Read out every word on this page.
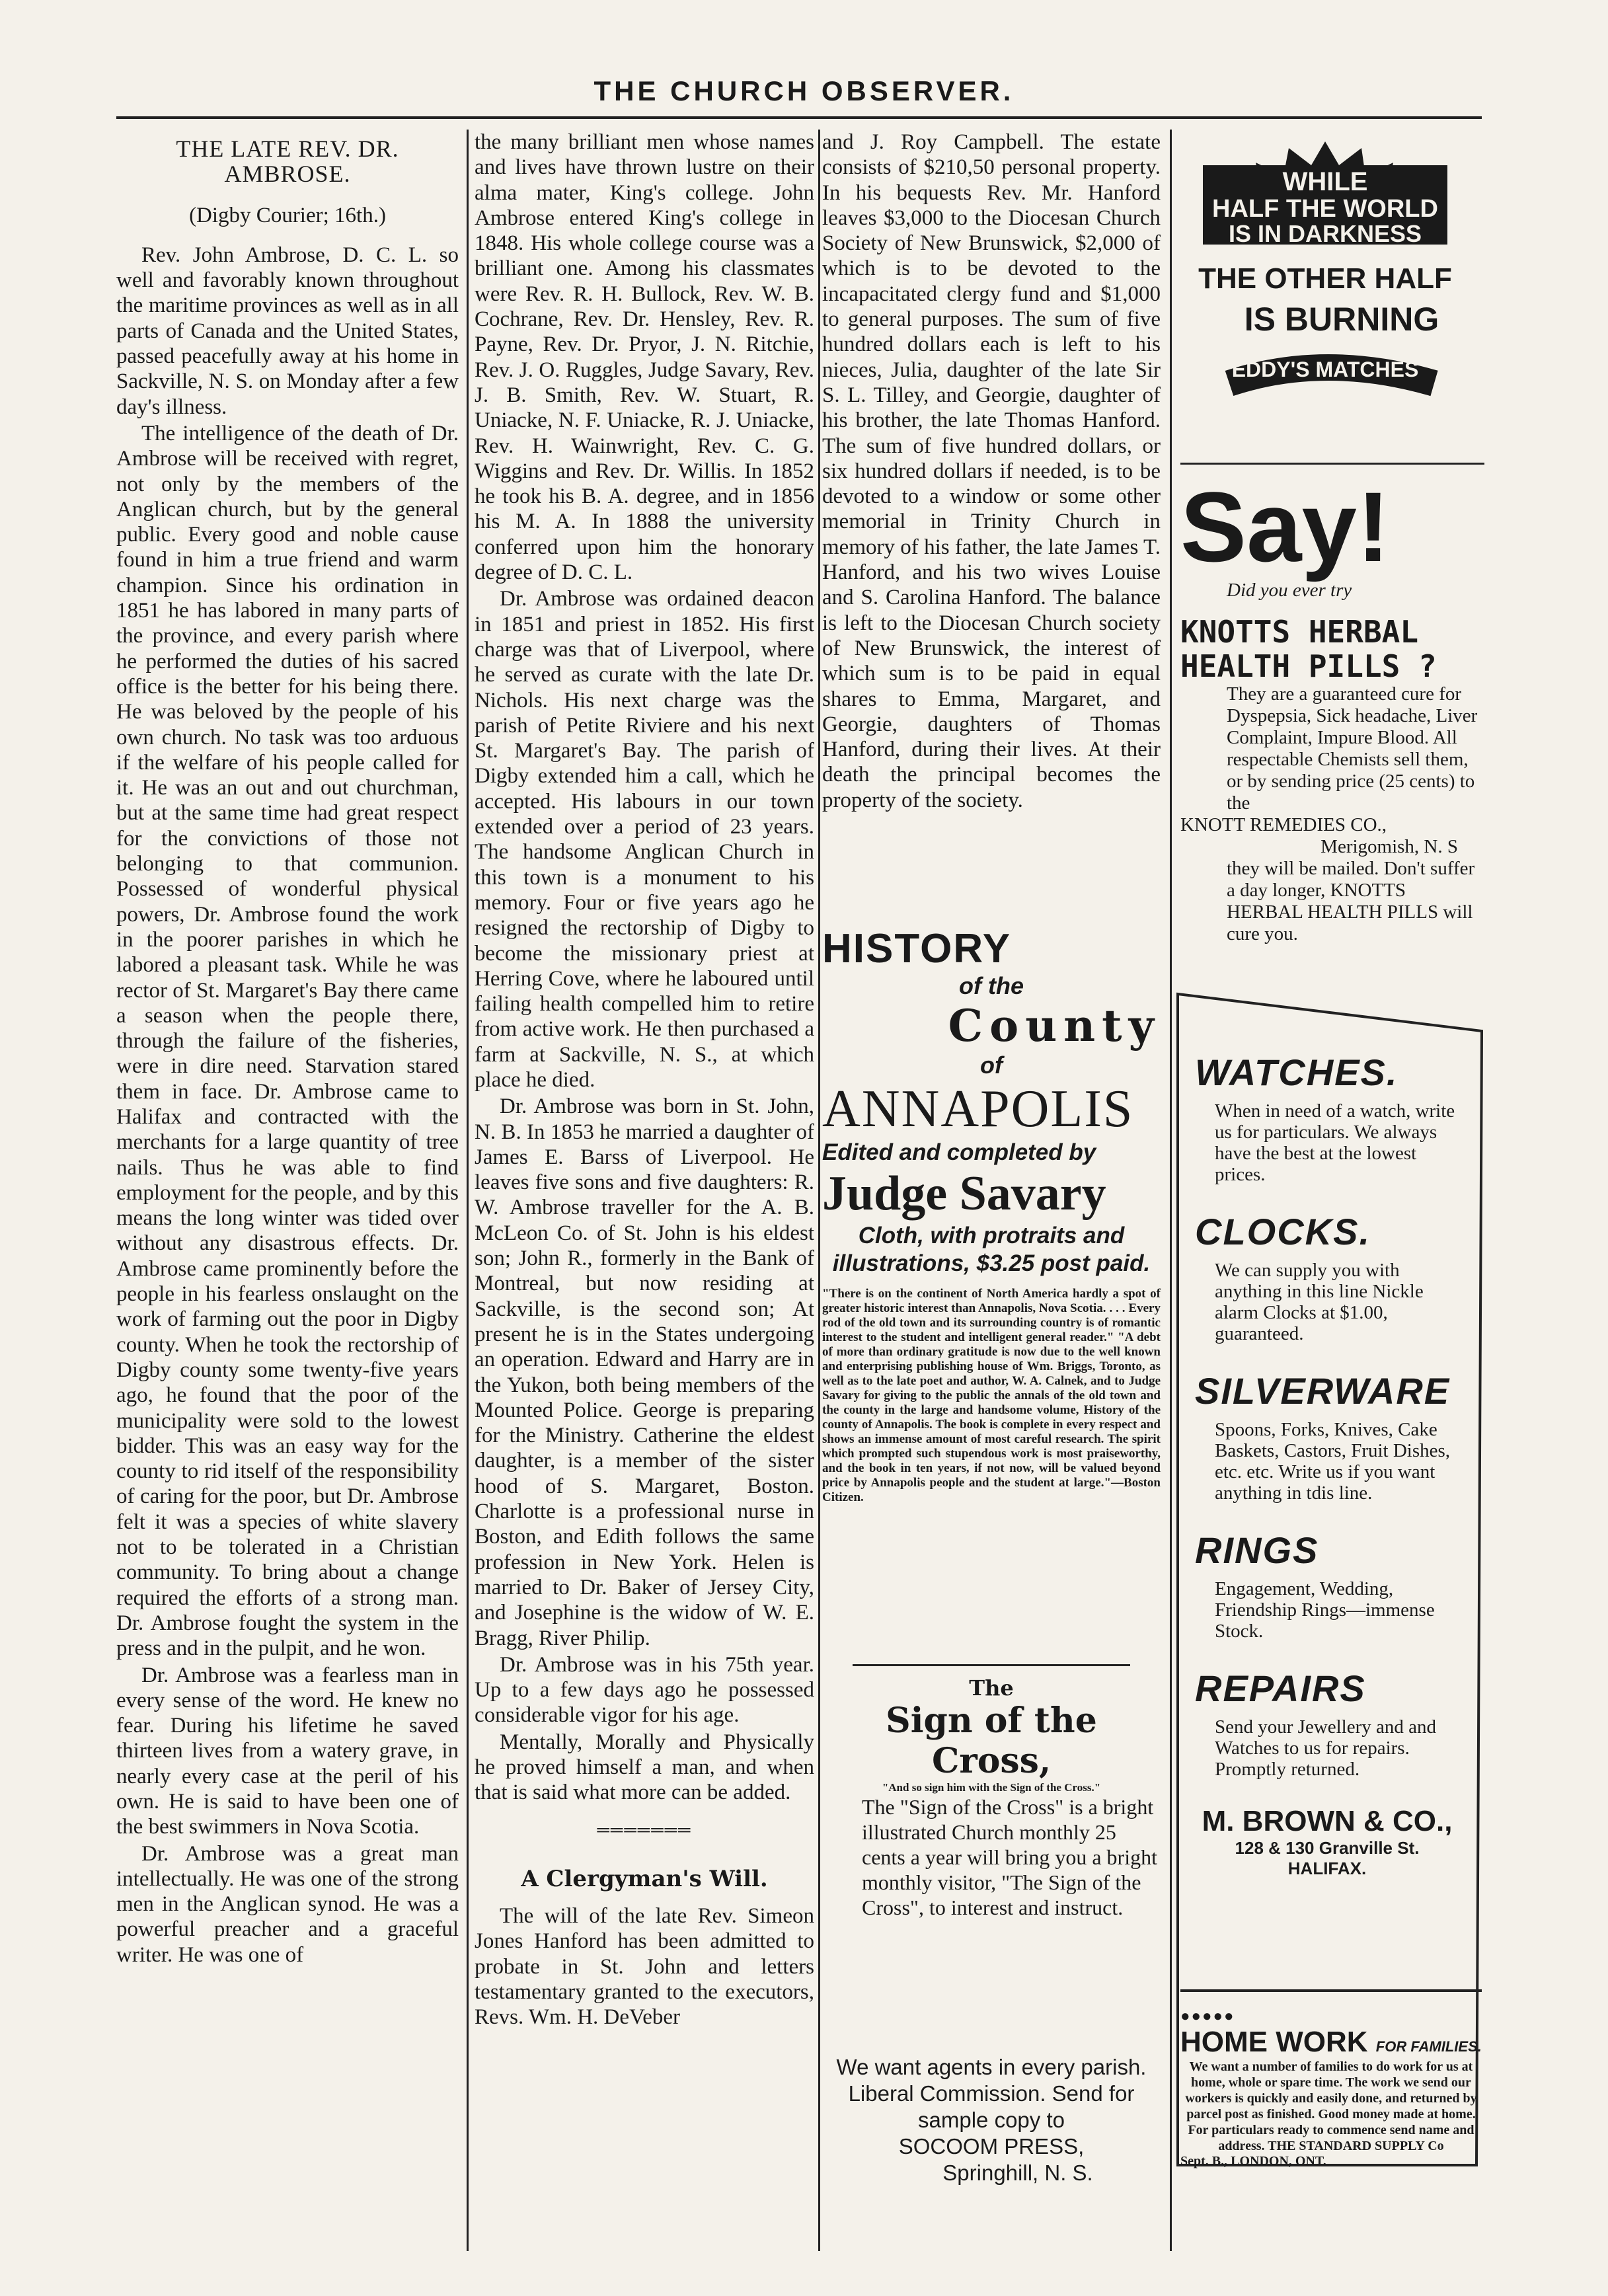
THE CHURCH OBSERVER.
THE LATE REV. DR. AMBROSE.

(Digby Courier; 16th.)

Rev. John Ambrose, D. C. L. so well and favorably known throughout the maritime provinces as well as in all parts of Canada and the United States, passed peacefully away at his home in Sackville, N. S. on Monday after a few day's illness.

The intelligence of the death of Dr. Ambrose will be received with regret, not only by the members of the Anglican church, but by the general public. Every good and noble cause found in him a true friend and warm champion. Since his ordination in 1851 he has labored in many parts of the province, and every parish where he performed the duties of his sacred office is the better for his being there. He was beloved by the people of his own church. No task was too arduous if the welfare of his people called for it. He was an out and out churchman, but at the same time had great respect for the convictions of those not belonging to that communion. Possessed of wonderful physical powers, Dr. Ambrose found the work in the poorer parishes in which he labored a pleasant task. While he was rector of St. Margaret's Bay there came a season when the people there, through the failure of the fisheries, were in dire need. Starvation stared them in face. Dr. Ambrose came to Halifax and contracted with the merchants for a large quantity of tree nails. Thus he was able to find employment for the people, and by this means the long winter was tided over without any disastrous effects. Dr. Ambrose came prominently before the people in his fearless onslaught on the work of farming out the poor in Digby county. When he took the rectorship of Digby county some twenty-five years ago, he found that the poor of the municipality were sold to the lowest bidder. This was an easy way for the county to rid itself of the responsibility of caring for the poor, but Dr. Ambrose felt it was a species of white slavery not to be tolerated in a Christian community. To bring about a change required the efforts of a strong man. Dr. Ambrose fought the system in the press and in the pulpit, and he won.

Dr. Ambrose was a fearless man in every sense of the word. He knew no fear. During his lifetime he saved thirteen lives from a watery grave, in nearly every case at the peril of his own. He is said to have been one of the best swimmers in Nova Scotia.

Dr. Ambrose was a great man intellectually. He was one of the strong men in the Anglican synod. He was a powerful preacher and a graceful writer. He was one of

the many brilliant men whose names and lives have thrown lustre on their alma mater, King's college. John Ambrose entered King's college in 1848. His whole college course was a brilliant one. Among his classmates were Rev. R. H. Bullock, Rev. W. B. Cochrane, Rev. Dr. Hensley, Rev. R. Payne, Rev. Dr. Pryor, J. N. Ritchie, Rev. J. O. Ruggles, Judge Savary, Rev. J. B. Smith, Rev. W. Stuart, R. Uniacke, N. F. Uniacke, R. J. Uniacke, Rev. H. Wainwright, Rev. C. G. Wiggins and Rev. Dr. Willis. In 1852 he took his B. A. degree, and in 1856 his M. A. In 1888 the university conferred upon him the honorary degree of D. C. L.

Dr. Ambrose was ordained deacon in 1851 and priest in 1852. His first charge was that of Liverpool, where he served as curate with the late Dr. Nichols. His next charge was the parish of Petite Riviere and his next St. Margaret's Bay. The parish of Digby extended him a call, which he accepted. His labours in our town extended over a period of 23 years. The handsome Anglican Church in this town is a monument to his memory. Four or five years ago he resigned the rectorship of Digby to become the missionary priest at Herring Cove, where he laboured until failing health compelled him to retire from active work. He then purchased a farm at Sackville, N. S., at which place he died.

Dr. Ambrose was born in St. John, N. B. In 1853 he married a daughter of James E. Barss of Liverpool. He leaves five sons and five daughters: R. W. Ambrose traveller for the A. B. McLeon Co. of St. John is his eldest son; John R., formerly in the Bank of Montreal, but now residing at Sackville, is the second son; At present he is in the States undergoing an operation. Edward and Harry are in the Yukon, both being members of the Mounted Police. George is preparing for the Ministry. Catherine the eldest daughter, is a member of the sister hood of S. Margaret, Boston. Charlotte is a professional nurse in Boston, and Edith follows the same profession in New York. Helen is married to Dr. Baker of Jersey City, and Josephine is the widow of W. E. Bragg, River Philip.

Dr. Ambrose was in his 75th year. Up to a few days ago he possessed considerable vigor for his age.

Mentally, Morally and Physically he proved himself a man, and when that is said what more can be added.

═══════
A Clergyman's Will.

The will of the late Rev. Simeon Jones Hanford has been admitted to probate in St. John and letters testamentary granted to the executors, Revs. Wm. H. DeVeber

and J. Roy Campbell. The estate consists of $210,50 personal property. In his bequests Rev. Mr. Hanford leaves $3,000 to the Diocesan Church Society of New Brunswick, $2,000 of which is to be devoted to the incapacitated clergy fund and $1,000 to general purposes. The sum of five hundred dollars each is left to his nieces, Julia, daughter of the late Sir S. L. Tilley, and Georgie, daughter of his brother, the late Thomas Hanford. The sum of five hundred dollars, or six hundred dollars if needed, is to be devoted to a window or some other memorial in Trinity Church in memory of his father, the late James T. Hanford, and his two wives Louise and S. Carolina Hanford. The balance is left to the Diocesan Church society of New Brunswick, the interest of which sum is to be paid in equal shares to Emma, Margaret, and Georgie, daughters of Thomas Hanford, during their lives. At their death the principal becomes the property of the society.

HISTORY
of the
County
of
ANNAPOLIS
Edited and completed by
Judge Savary
Cloth, with protraits and illustrations, $3.25 post paid.
"There is on the continent of North America hardly a spot of greater historic interest than Annapolis, Nova Scotia. . . . Every rod of the old town and its surrounding country is of romantic interest to the student and intelligent general reader." "A debt of more than ordinary gratitude is now due to the well known and enterprising publishing house of Wm. Briggs, Toronto, as well as to the late poet and author, W. A. Calnek, and to Judge Savary for giving to the public the annals of the old town and the county in the large and handsome volume, History of the county of Annapolis. The book is complete in every respect and shows an immense amount of most careful research. The spirit which prompted such stupendous work is most praiseworthy, and the book in ten years, if not now, will be valued beyond price by Annapolis people and the student at large."—Boston Citizen.
The
Sign of the Cross,
"And so sign him with the Sign of the Cross."
The "Sign of the Cross" is a bright illustrated Church monthly 25 cents a year will bring you a bright monthly visitor, "The Sign of the Cross", to interest and instruct.
We want agents in every parish. Liberal Commission. Send for sample copy to
SOCOOM PRESS,
Springhill, N. S.
WHILE
HALF THE WORLD
IS IN DARKNESS
THE OTHER HALF
IS BURNING
EDDY'S MATCHES
Say!
Did you ever try
KNOTTS HERBAL HEALTH PILLS ?
They are a guaranteed cure for Dyspepsia, Sick headache, Liver Complaint, Impure Blood. All respectable Chemists sell them, or by sending price (25 cents) to the
KNOTT REMEDIES CO.,
Merigomish, N. S
they will be mailed. Don't suffer a day longer, KNOTTS HERBAL HEALTH PILLS will cure you.
WATCHES.
When in need of a watch, write us for particulars. We always have the best at the lowest prices.
CLOCKS.
We can supply you with anything in this line Nickle alarm Clocks at $1.00, guaranteed.
SILVERWARE
Spoons, Forks, Knives, Cake Baskets, Castors, Fruit Dishes, etc. etc. Write us if you want anything in tdis line.
RINGS
Engagement, Wedding, Friendship Rings—immense Stock.
REPAIRS
Send your Jewellery and and Watches to us for repairs. Promptly returned.
M. BROWN & CO.,
128 & 130 Granville St. HALIFAX.
●●●●●
HOME WORK FOR FAMILIES.
We want a number of families to do work for us at home, whole or spare time. The work we send our workers is quickly and easily done, and returned by parcel post as finished. Good money made at home. For particulars ready to commence send name and address. THE STANDARD SUPPLY Co
Sept. B., LONDON, ONT.
